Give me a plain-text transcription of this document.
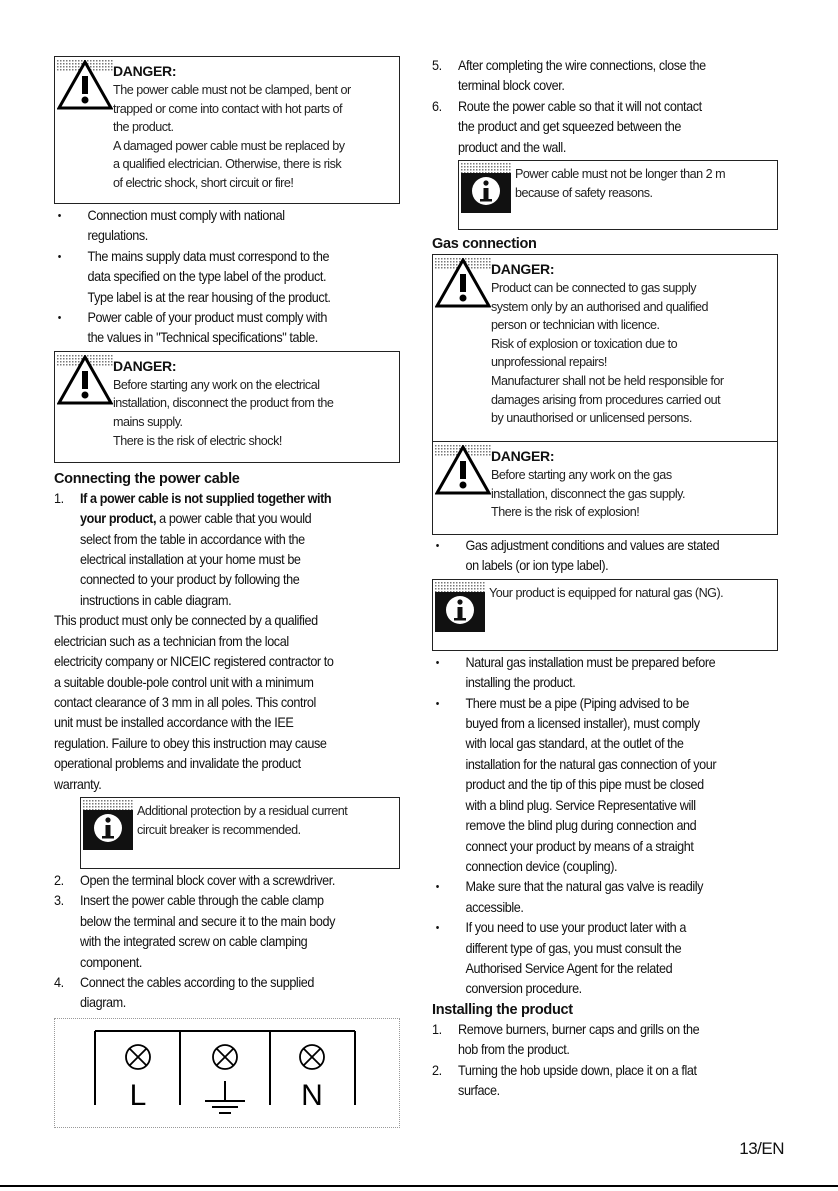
DANGER:
The power cable must not be clamped, bent or
trapped or come into contact with hot parts of
the product.
A damaged power cable must be replaced by
a qualified electrician. Otherwise, there is risk
of electric shock, short circuit or fire!
• Connection must comply with national
regulations.
• The mains supply data must correspond to the
data specified on the type label of the product.
Type label is at the rear housing of the product.
• Power cable of your product must comply with
the values in "Technical specifications" table.
DANGER:
Before starting any work on the electrical
installation, disconnect the product from the
mains supply.
There is the risk of electric shock!
Connecting the power cable
1. If a power cable is not supplied together with
your product, a power cable that you would
select from the table in accordance with the
electrical installation at your home must be
connected to your product by following the
instructions in cable diagram.
This product must only be connected by a qualified
electrician such as a technician from the local
electricity company or NICEIC registered contractor to
a suitable double-pole control unit with a minimum
contact clearance of 3 mm in all poles. This control
unit must be installed accordance with the IEE
regulation. Failure to obey this instruction may cause
operational problems and invalidate the product
warranty.
Additional protection by a residual current
circuit breaker is recommended.
2. Open the terminal block cover with a screwdriver.
3. Insert the power cable through the cable clamp
below the terminal and secure it to the main body
with the integrated screw on cable clamping
component.
4. Connect the cables according to the supplied
diagram.
L	N
5. After completing the wire connections, close the
terminal block cover.
6. Route the power cable so that it will not contact
the product and get squeezed between the
product and the wall.
Power cable must not be longer than 2 m
because of safety reasons.
Gas connection
DANGER:
Product can be connected to gas supply
system only by an authorised and qualified
person or technician with licence.
Risk of explosion or toxication due to
unprofessional repairs!
Manufacturer shall not be held responsible for
damages arising from procedures carried out
by unauthorised or unlicensed persons.
DANGER:
Before starting any work on the gas
installation, disconnect the gas supply.
There is the risk of explosion!
• Gas adjustment conditions and values are stated
on labels (or ion type label).
Your product is equipped for natural gas (NG).
• Natural gas installation must be prepared before
installing the product.
• There must be a pipe (Piping advised to be
buyed from a licensed installer), must comply
with local gas standard, at the outlet of the
installation for the natural gas connection of your
product and the tip of this pipe must be closed
with a blind plug. Service Representative will
remove the blind plug during connection and
connect your product by means of a straight
connection device (coupling).
• Make sure that the natural gas valve is readily
accessible.
• If you need to use your product later with a
different type of gas, you must consult the
Authorised Service Agent for the related
conversion procedure.
Installing the product
1. Remove burners, burner caps and grills on the
hob from the product.
2. Turning the hob upside down, place it on a flat
surface.
13/EN
